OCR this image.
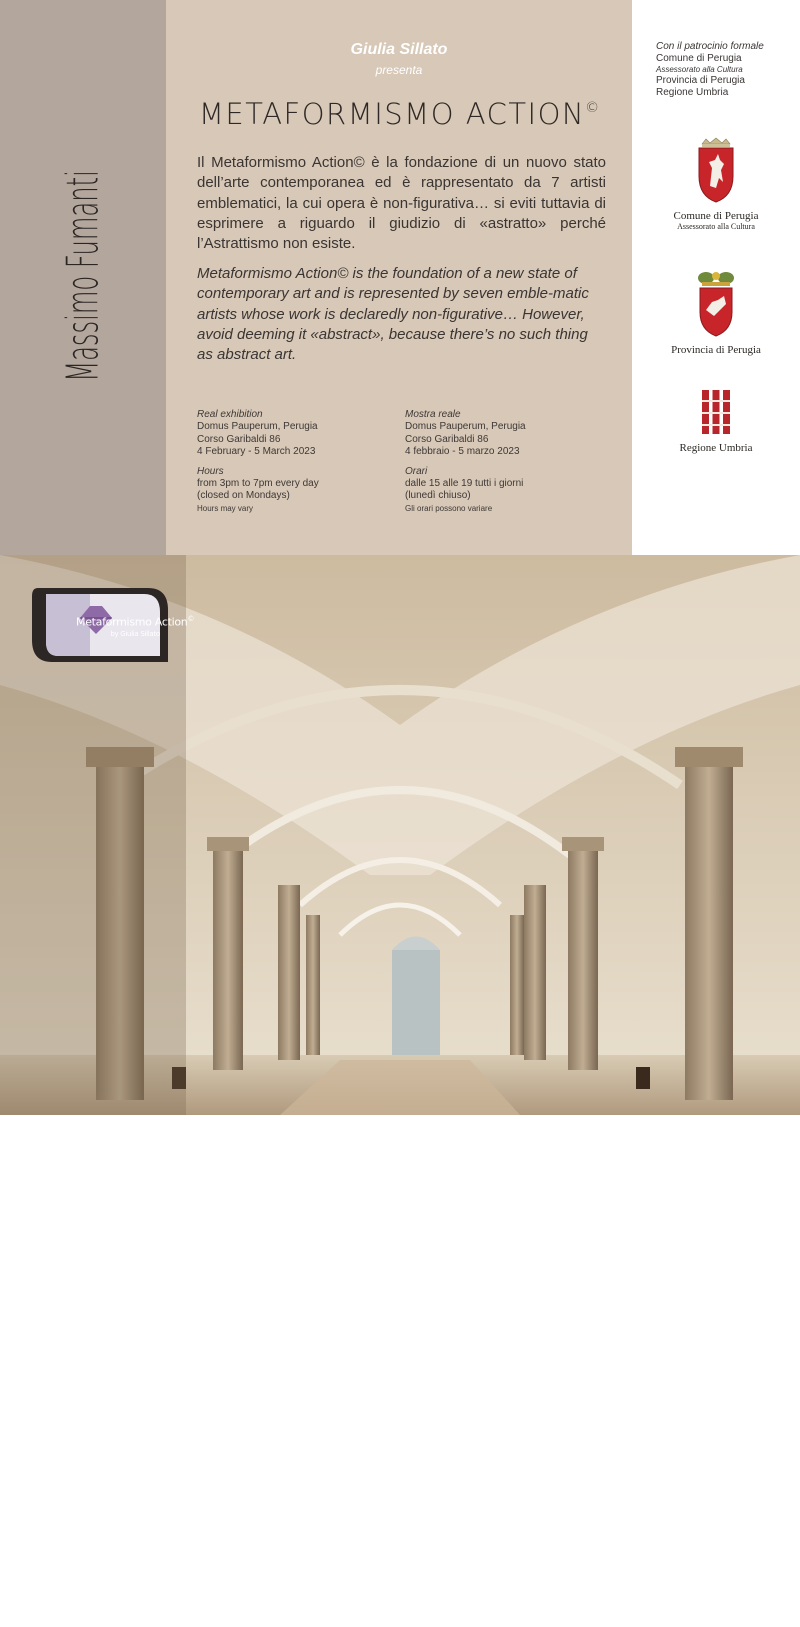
Massimo Fumanti
Giulia Sillato
presenta
METAFORMISMO ACTION©

Il Metaformismo Action© è la fondazione di un nuovo stato dell’arte contemporanea ed è rappresentato da 7 artisti emblematici, la cui opera è non-figurativa… si eviti tuttavia di esprimere a riguardo il giudizio di «astratto» perché l’Astrattismo non esiste.

Metaformismo Action© is the foundation of a new state of contemporary art and is represented by seven emble-matic artists whose work is declaredly non-figurative… However, avoid deeming it «abstract», because there’s no such thing as abstract art.

Real exhibition
Domus Pauperum, Perugia
Corso Garibaldi 86
4 February - 5 March 2023
Hours
from 3pm to 7pm every day
(closed on Mondays)
Hours may vary
Mostra reale
Domus Pauperum, Perugia
Corso Garibaldi 86
4 febbraio - 5 marzo 2023
Orari
dalle 15 alle 19 tutti i giorni
(lunedì chiuso)
Gli orari possono variare
Con il patrocinio formale
Comune di Perugia
Assessorato alla Cultura
Provincia di Perugia
Regione Umbria
Comune di Perugia
Assessorato alla Cultura
Provincia di Perugia
Regione Umbria
Metaformismo Action©
by Giulia Sillato
Domus Pauperum, Perugia Corso Garibaldi 86 Dal 4 febbraio al 5 marzo 2023 Orario : 15,00 - 19,00 tutti i giorni (lunedì chiuso) Gli orari possono variare
